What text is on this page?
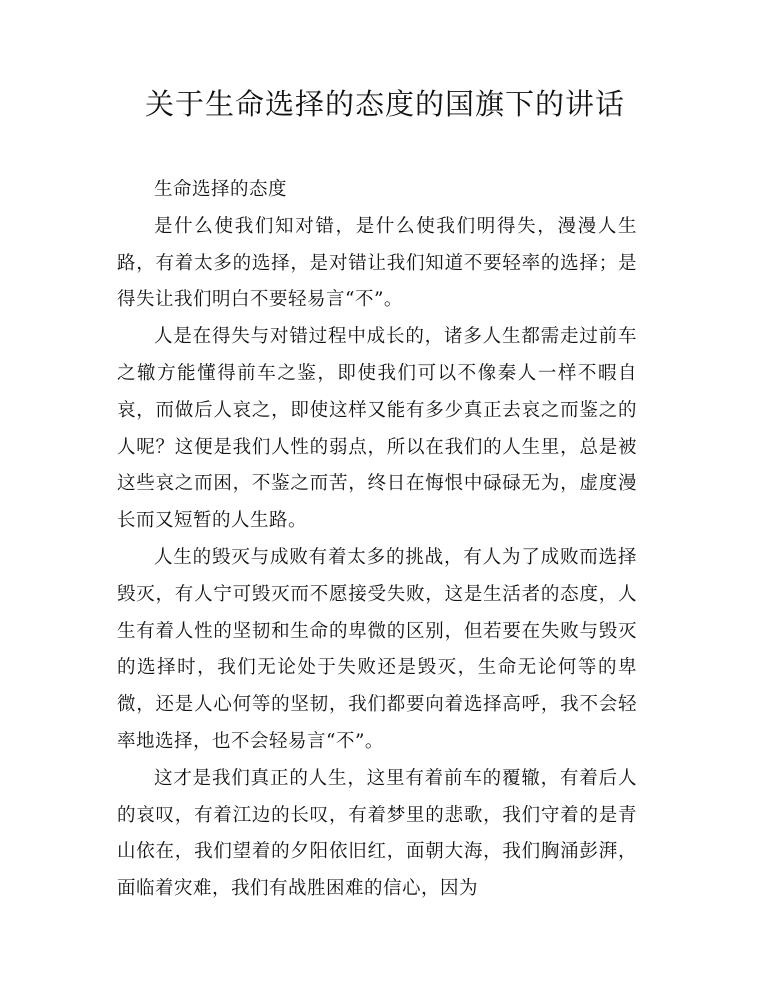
关于生命选择的态度的国旗下的讲话

生命选择的态度

是什么使我们知对错，是什么使我们明得失，漫漫人生路，有着太多的选择，是对错让我们知道不要轻率的选择；是得失让我们明白不要轻易言“不”。

人是在得失与对错过程中成长的，诸多人生都需走过前车之辙方能懂得前车之鉴，即使我们可以不像秦人一样不暇自哀，而做后人哀之，即使这样又能有多少真正去哀之而鉴之的人呢？这便是我们人性的弱点，所以在我们的人生里，总是被这些哀之而困，不鉴之而苦，终日在悔恨中碌碌无为，虚度漫长而又短暂的人生路。

人生的毁灭与成败有着太多的挑战，有人为了成败而选择毁灭，有人宁可毁灭而不愿接受失败，这是生活者的态度，人生有着人性的坚韧和生命的卑微的区别，但若要在失败与毁灭的选择时，我们无论处于失败还是毁灭，生命无论何等的卑微，还是人心何等的坚韧，我们都要向着选择高呼，我不会轻率地选择，也不会轻易言“不”。

这才是我们真正的人生，这里有着前车的覆辙，有着后人的哀叹，有着江边的长叹，有着梦里的悲歌，我们守着的是青山依在，我们望着的夕阳依旧红，面朝大海，我们胸涌彭湃，面临着灾难，我们有战胜困难的信心，因为
